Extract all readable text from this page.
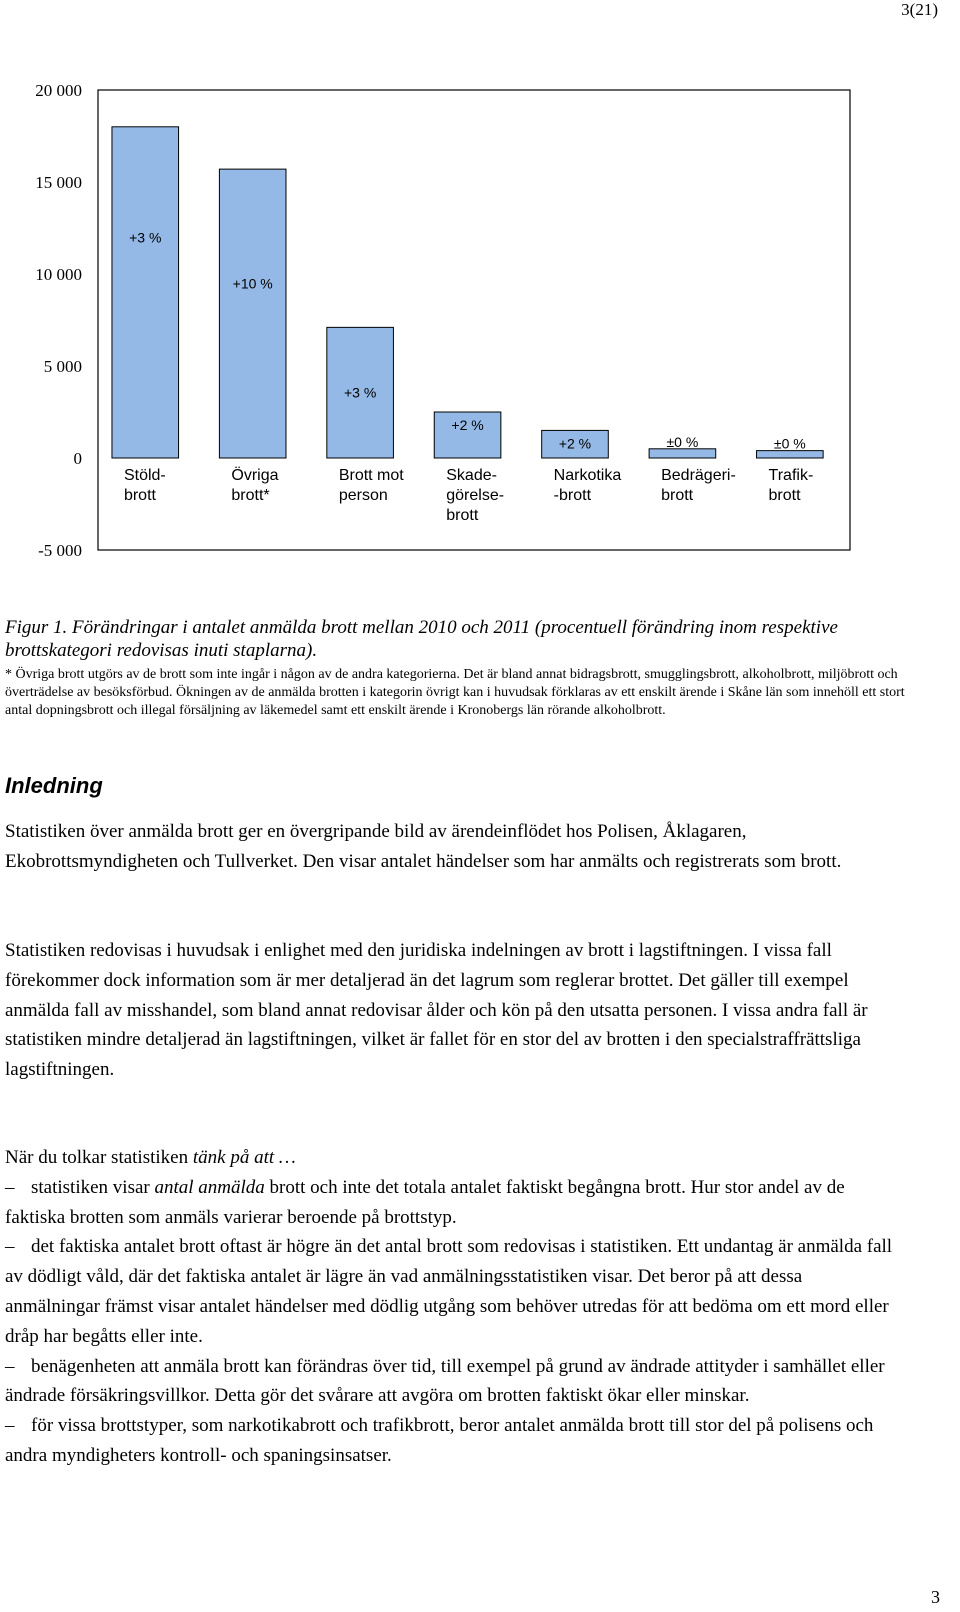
3(21)
-5 000
0
5 000
10 000
15 000
20 000
+3 %
+10 %
+3 %
+2 %
+2 %	±0 %	±0 %
Stöld-brott
Övriga brott*
Brott mot person
Skade-görelse-brott
Narkotika -brott
Bedrägeri-brott
Trafik-brott
Figur 1. Förändringar i antalet anmälda brott mellan 2010 och 2011 (procentuell förändring inom respektive brottskategori redovisas inuti staplarna).
* Övriga brott utgörs av de brott som inte ingår i någon av de andra kategorierna. Det är bland annat bidragsbrott, smugglingsbrott, alkoholbrott, miljöbrott och överträdelse av besöksförbud. Ökningen av de anmälda brotten i kategorin övrigt kan i huvudsak förklaras av ett enskilt ärende i Skåne län som innehöll ett stort antal dopningsbrott och illegal försäljning av läkemedel samt ett enskilt ärende i Kronobergs län rörande alkoholbrott.
Inledning
Statistiken över anmälda brott ger en övergripande bild av ärendeinflödet hos Polisen, Åklagaren, Ekobrottsmyndigheten och Tullverket. Den visar antalet händelser som har anmälts och registrerats som brott.
Statistiken redovisas i huvudsak i enlighet med den juridiska indelningen av brott i lagstiftningen. I vissa fall förekommer dock information som är mer detaljerad än det lagrum som reglerar brottet. Det gäller till exempel anmälda fall av misshandel, som bland annat redovisar ålder och kön på den utsatta personen. I vissa andra fall är statistiken mindre detaljerad än lagstiftningen, vilket är fallet för en stor del av brotten i den specialstraffrättsliga lagstiftningen.
När du tolkar statistiken tänk på att …
– statistiken visar antal anmälda brott och inte det totala antalet faktiskt begångna brott. Hur stor andel av de faktiska brotten som anmäls varierar beroende på brottstyp.
– det faktiska antalet brott oftast är högre än det antal brott som redovisas i statistiken. Ett undantag är anmälda fall av dödligt våld, där det faktiska antalet är lägre än vad anmälningsstatistiken visar. Det beror på att dessa anmälningar främst visar antalet händelser med dödlig utgång som behöver utredas för att bedöma om ett mord eller dråp har begåtts eller inte.
– benägenheten att anmäla brott kan förändras över tid, till exempel på grund av ändrade attityder i samhället eller ändrade försäkringsvillkor. Detta gör det svårare att avgöra om brotten faktiskt ökar eller minskar.
– för vissa brottstyper, som narkotikabrott och trafikbrott, beror antalet anmälda brott till stor del på polisens och andra myndigheters kontroll- och spaningsinsatser.
3
